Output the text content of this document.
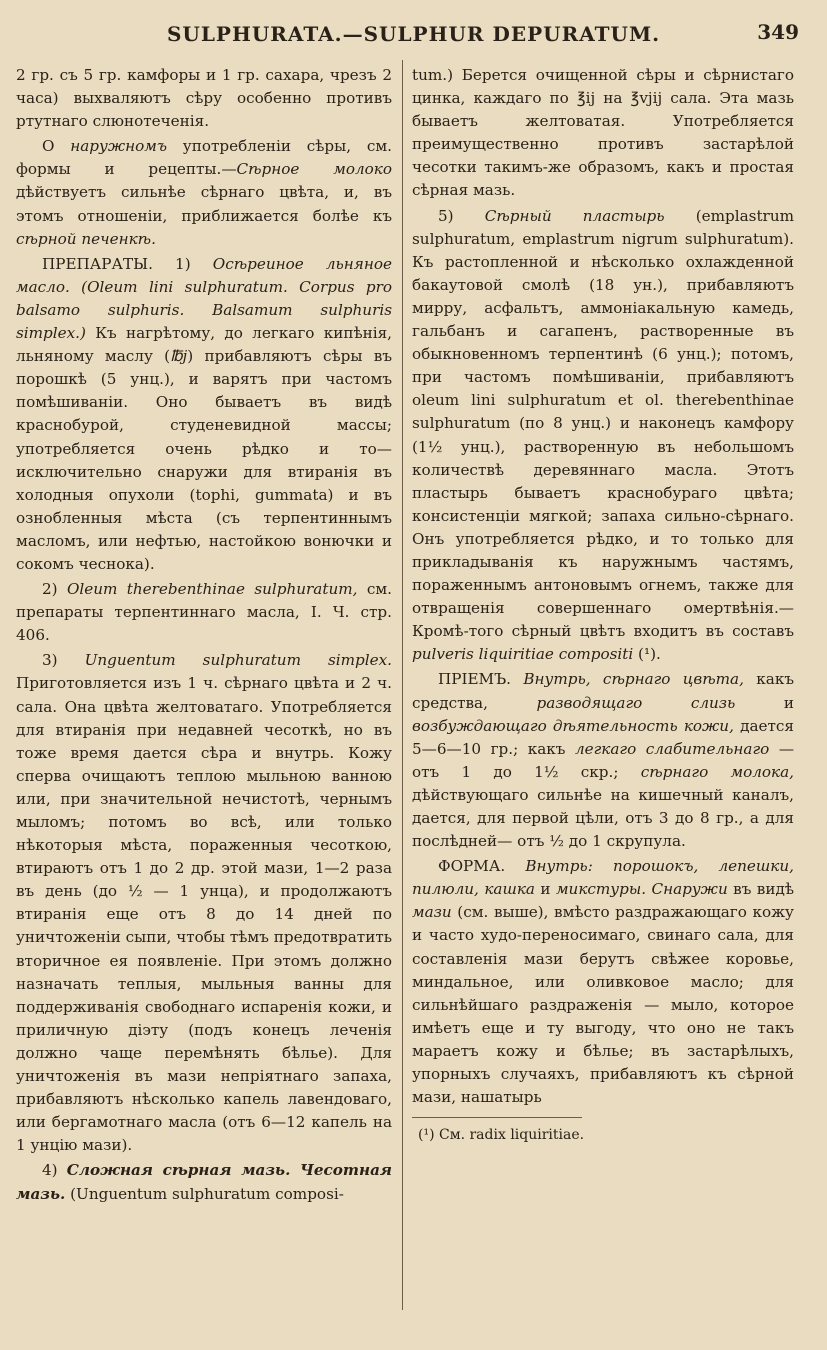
SULPHURATA.—SULPHUR DEPURATUM.	349

2 гр. съ 5 гр. камфоры и 1 гр. сахара, чрезъ 2 часа) выхваляютъ сѣру особенно противъ ртутнаго слюнотеченія.

О наружномъ употребленіи сѣры, см. формы и рецепты.—Сѣрное молоко дѣйствуетъ сильнѣе сѣрнаго цвѣта, и, въ этомъ отношеніи, приближается болѣе къ сѣрной печенкѣ.

ПРЕПАРАТЫ. 1) Осѣреиное льняное масло. (Oleum lini sulphuratum. Corpus pro balsamo sulphuris. Balsamum sulphuris simplex.) Къ нагрѣтому, до легкаго кипѣнія, льняному маслу (℔j) прибавляютъ сѣры въ порошкѣ (5 унц.), и варятъ при частомъ помѣшиваніи. Оно бываетъ въ видѣ краснобурой, студеневидной массы; употребляется очень рѣдко и то—исключительно снаружи для втиранія въ холодныя опухоли (tophi, gummata) и въ ознобленныя мѣста (съ терпентиннымъ масломъ, или нефтью, настойкою вонючки и сокомъ чеснока).

2) Oleum therebenthinae sulphuratum, см. препараты терпентиннаго масла, I. Ч. стр. 406.

3) Unguentum sulphuratum simplex. Приготовляется изъ 1 ч. сѣрнаго цвѣта и 2 ч. сала. Она цвѣта желтоватаго. Употребляется для втиранія при недавней чесоткѣ, но въ тоже время дается сѣра и внутрь. Кожу сперва очищаютъ теплою мыльною ванною или, при значительной нечистотѣ, чернымъ мыломъ; потомъ во всѣ, или только нѣкоторыя мѣста, пораженныя чесоткою, втираютъ отъ 1 до 2 др. этой мази, 1—2 раза въ день (до ½ — 1 унца), и продолжаютъ втиранія еще отъ 8 до 14 дней по уничтоженіи сыпи, чтобы тѣмъ предотвратить вторичное ея появленіе. При этомъ должно назначать теплыя, мыльныя ванны для поддерживанія свободнаго испаренія кожи, и приличную діэту (подъ конецъ леченія должно чаще перемѣнять бѣлье). Для уничтоженія въ мази непріятнаго запаха, прибавляютъ нѣсколько капель лавендоваго, или бергамотнаго масла (отъ 6—12 капель на 1 унцію мази).

4) Сложная сѣрная мазь. Чесотная мазь. (Unguentum sulphuratum composi-

tum.) Берется очищенной сѣры и сѣрнистаго цинка, каждаго по ℥ij на ℥vjij сала. Эта мазь бываетъ желтоватая. Употребляется преимущественно противъ застарѣлой чесотки такимъ-же образомъ, какъ и простая сѣрная мазь.

5) Сѣрный пластырь (emplastrum sulphuratum, emplastrum nigrum sulphuratum). Къ растопленной и нѣсколько охлажденной бакаутовой смолѣ (18 ун.), прибавляютъ мирру, асфальтъ, аммоніакальную камедь, гальбанъ и сагапенъ, растворенные въ обыкновенномъ терпентинѣ (6 унц.); потомъ, при частомъ помѣшиваніи, прибавляютъ oleum lini sulphuratum et ol. therebenthinae sulphuratum (по 8 унц.) и наконецъ камфору (1½ унц.), растворенную въ небольшомъ количествѣ деревяннаго масла. Этотъ пластырь бываетъ краснобураго цвѣта; консистенціи мягкой; запаха сильно-сѣрнаго. Онъ употребляется рѣдко, и то только для прикладыванія къ наружнымъ частямъ, пораженнымъ антоновымъ огнемъ, также для отвращенія совершеннаго омертвѣнія.—Кромѣ-того сѣрный цвѣтъ входитъ въ составъ pulveris liquiritiae compositi (¹).

ПРІЕМЪ. Внутрь, сѣрнаго цвѣта, какъ средства, разводящаго слизь и возбуждающаго дѣятельность кожи, дается 5—6—10 гр.; какъ легкаго слабительнаго — отъ 1 до 1½ скр.; сѣрнаго молока, дѣйствующаго сильнѣе на кишечный каналъ, дается, для первой цѣли, отъ 3 до 8 гр., а для послѣдней— отъ ½ до 1 скрупула.

ФОРМА. Внутрь: порошокъ, лепешки, пилюли, кашка и микстуры. Снаружи въ видѣ мази (см. выше), вмѣсто раздражающаго кожу и часто худо-переносимаго, свинаго сала, для составленія мази берутъ свѣжее коровье, миндальное, или оливковое масло; для сильнѣйшаго раздраженія — мыло, которое имѣетъ еще и ту выгоду, что оно не такъ мараетъ кожу и бѣлье; въ застарѣлыхъ, упорныхъ случаяхъ, прибавляютъ къ сѣрной мази, нашатырь

(¹) См. radix liquiritiae.
